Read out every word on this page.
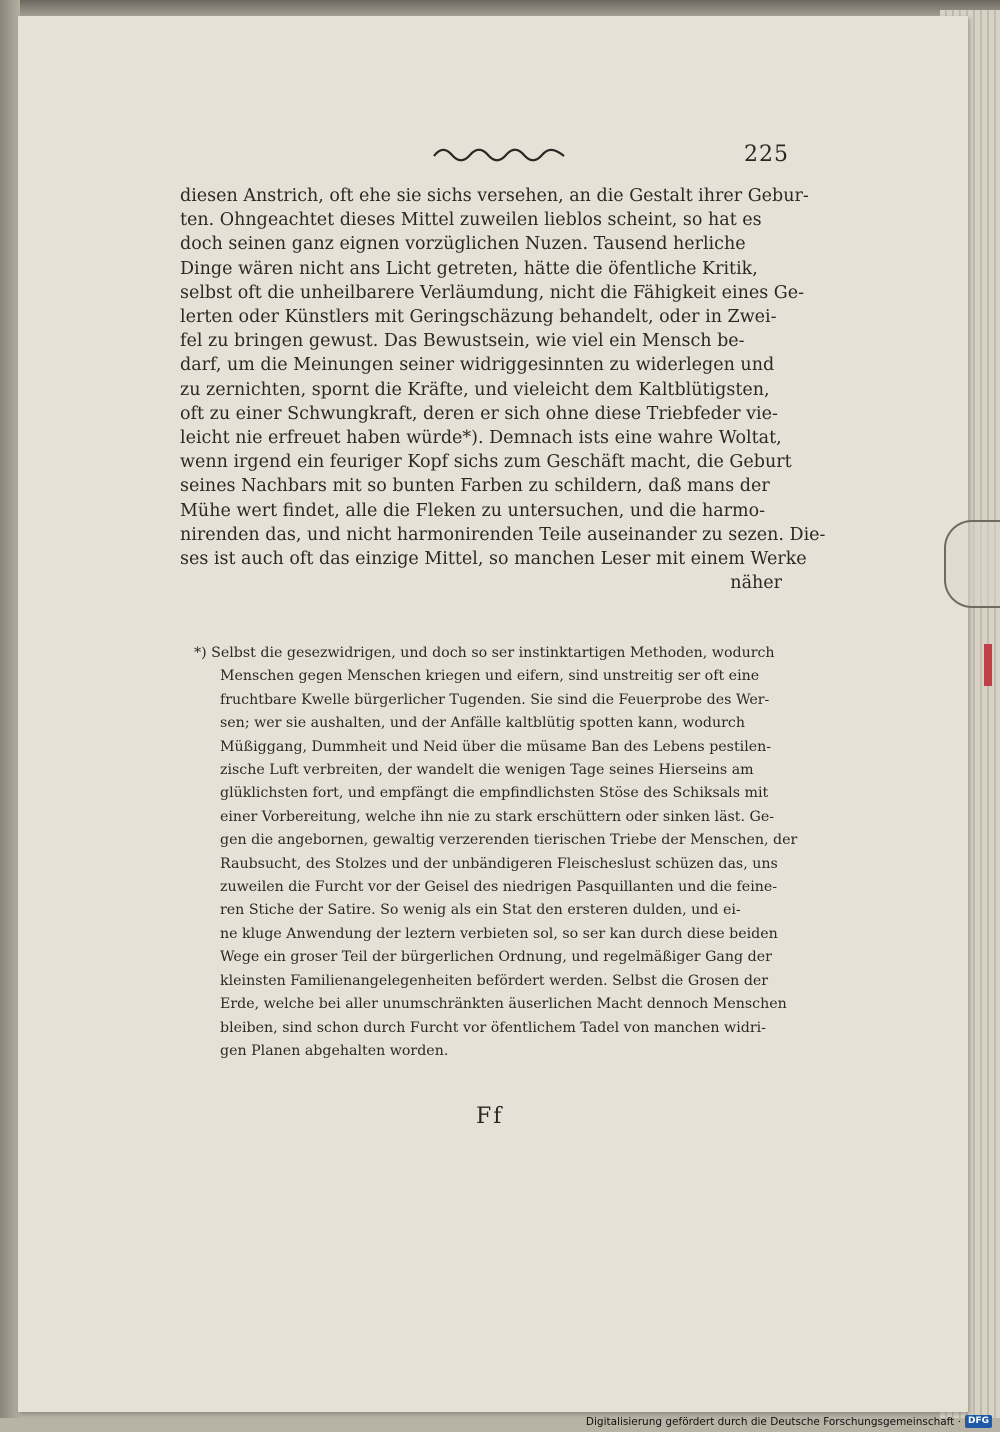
225
diesen Anstrich, oft ehe sie sichs versehen, an die Gestalt ihrer Gebur-
ten. Ohngeachtet dieses Mittel zuweilen lieblos scheint, so hat es
doch seinen ganz eignen vorzüglichen Nuzen. Tausend herliche
Dinge wären nicht ans Licht getreten, hätte die öfentliche Kritik,
selbst oft die unheilbarere Verläumdung, nicht die Fähigkeit eines Ge-
lerten oder Künstlers mit Geringschäzung behandelt, oder in Zwei-
fel zu bringen gewust. Das Bewustsein, wie viel ein Mensch be-
darf, um die Meinungen seiner widriggesinnten zu widerlegen und
zu zernichten, spornt die Kräfte, und vieleicht dem Kaltblütigsten,
oft zu einer Schwungkraft, deren er sich ohne diese Triebfeder vie-
leicht nie erfreuet haben würde*). Demnach ists eine wahre Woltat,
wenn irgend ein feuriger Kopf sichs zum Geschäft macht, die Geburt
seines Nachbars mit so bunten Farben zu schildern, daß mans der
Mühe wert findet, alle die Fleken zu untersuchen, und die harmo-
nirenden das, und nicht harmonirenden Teile auseinander zu sezen. Die-
ses ist auch oft das einzige Mittel, so manchen Leser mit einem Werke
näher
*) Selbst die gesezwidrigen, und doch so ser instinktartigen Methoden, wodurch
Menschen gegen Menschen kriegen und eifern, sind unstreitig ser oft eine
fruchtbare Kwelle bürgerlicher Tugenden. Sie sind die Feuerprobe des Wer-
sen; wer sie aushalten, und der Anfälle kaltblütig spotten kann, wodurch
Müßiggang, Dummheit und Neid über die müsame Ban des Lebens pestilen-
zische Luft verbreiten, der wandelt die wenigen Tage seines Hierseins am
glüklichsten fort, und empfängt die empfindlichsten Stöse des Schiksals mit
einer Vorbereitung, welche ihn nie zu stark erschüttern oder sinken läst. Ge-
gen die angebornen, gewaltig verzerenden tierischen Triebe der Menschen, der
Raubsucht, des Stolzes und der unbändigeren Fleischeslust schüzen das, uns
zuweilen die Furcht vor der Geisel des niedrigen Pasquillanten und die feine-
ren Stiche der Satire. So wenig als ein Stat den ersteren dulden, und ei-
ne kluge Anwendung der leztern verbieten sol, so ser kan durch diese beiden
Wege ein groser Teil der bürgerlichen Ordnung, und regelmäßiger Gang der
kleinsten Familienangelegenheiten befördert werden. Selbst die Grosen der
Erde, welche bei aller unumschränkten äuserlichen Macht dennoch Menschen
bleiben, sind schon durch Furcht vor öfentlichem Tadel von manchen widri-
gen Planen abgehalten worden.
Ff
Digitalisierung gefördert durch die Deutsche Forschungsgemeinschaft · DFG
